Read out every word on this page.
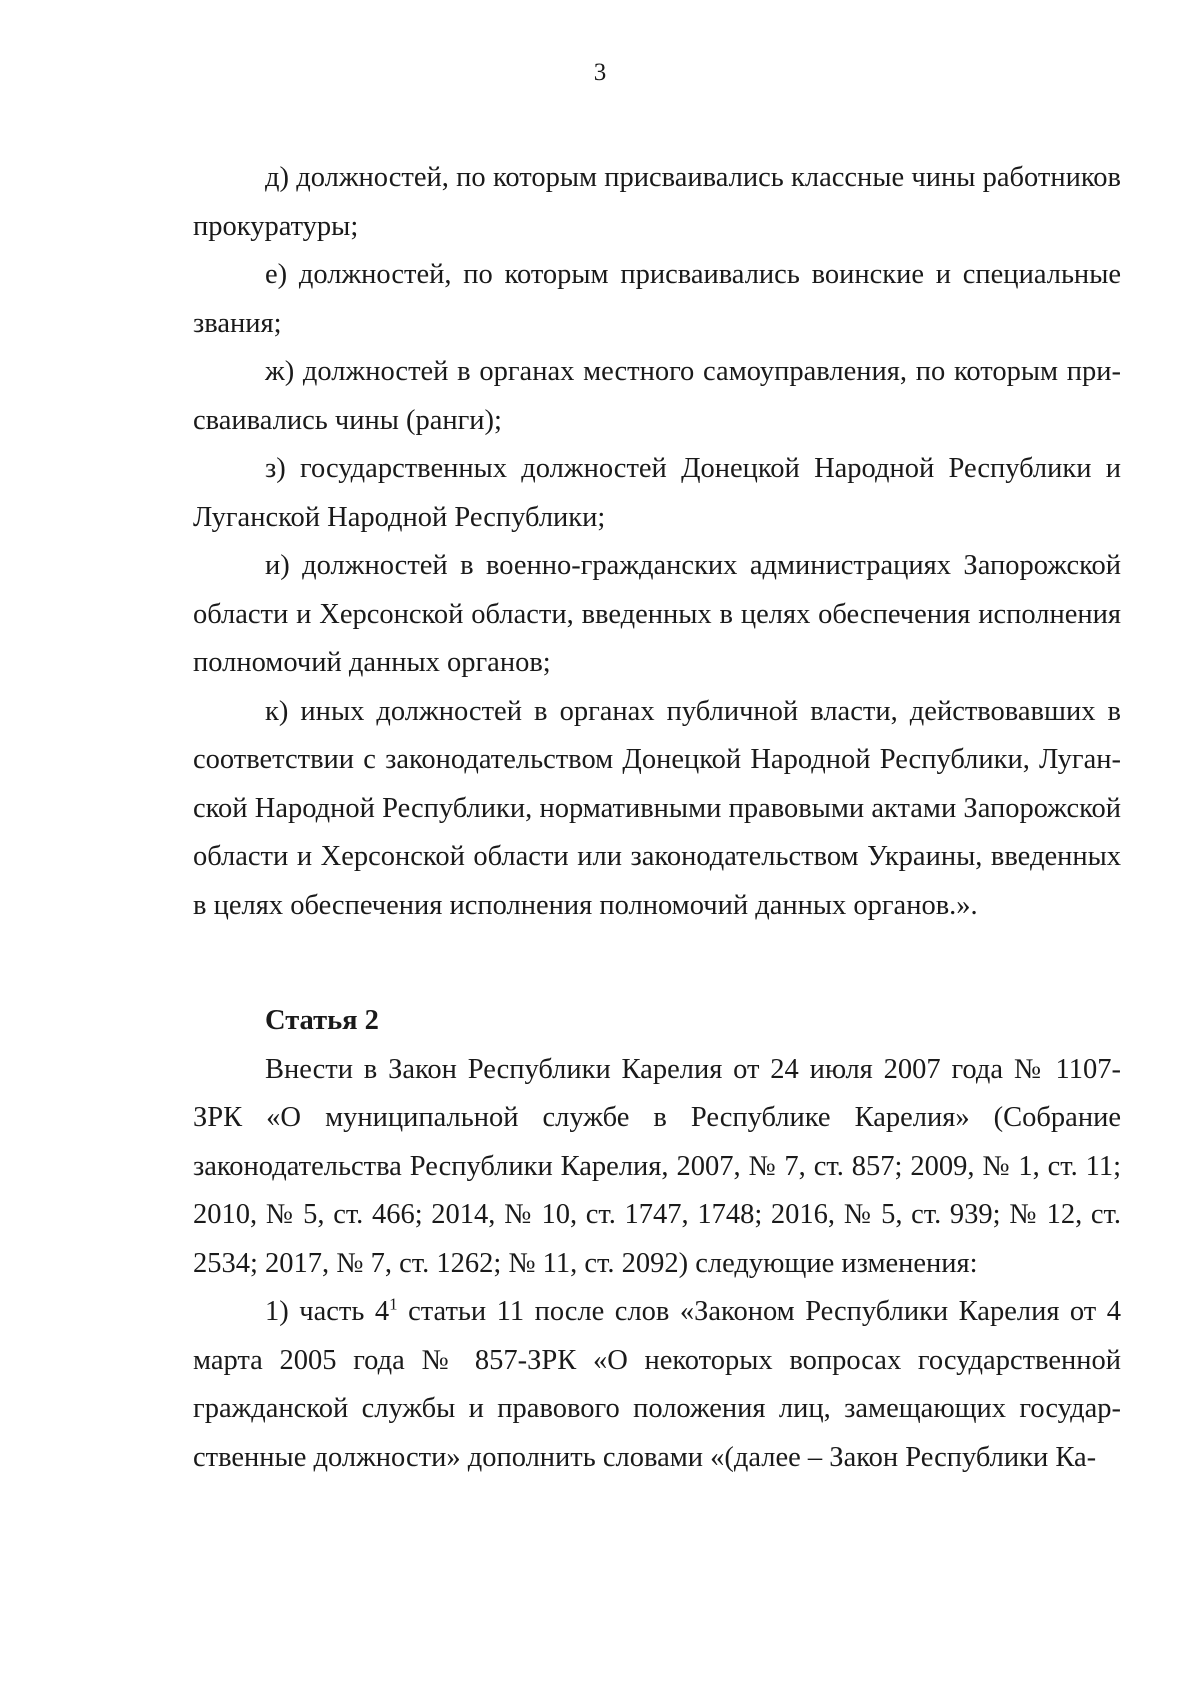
3

д) должностей, по которым присваивались классные чины работников прокуратуры;

е) должностей, по которым присваивались воинские и специальные звания;

ж) должностей в органах местного самоуправления, по которым присваивались чины (ранги);

з) государственных должностей Донецкой Народной Республики и Луганской Народной Республики;

и) должностей в военно-гражданских администрациях Запорожской области и Херсонской области, введенных в целях обеспечения исполнения полномочий данных органов;

к) иных должностей в органах публичной власти, действовавших в соответствии с законодательством Донецкой Народной Республики, Луганской Народной Республики, нормативными правовыми актами Запорожской области и Херсонской области или законодательством Украины, введенных в целях обеспечения исполнения полномочий данных органов.».

Статья 2

Внести в Закон Республики Карелия от 24 июля 2007 года № 1107-ЗРК «О муниципальной службе в Республике Карелия» (Собрание законодательства Республики Карелия, 2007, № 7, ст. 857; 2009, № 1, ст. 11; 2010, № 5, ст. 466; 2014, № 10, ст. 1747, 1748; 2016, № 5, ст. 939; № 12, ст. 2534; 2017, № 7, ст. 1262; № 11, ст. 2092) следующие изменения:

1) часть $4^1$ статьи 11 после слов «Законом Республики Карелия от 4 марта 2005 года № 857-ЗРК «О некоторых вопросах государственной гражданской службы и правового положения лиц, замещающих государственные должности» дополнить словами «(далее – Закон Республики Ка-
